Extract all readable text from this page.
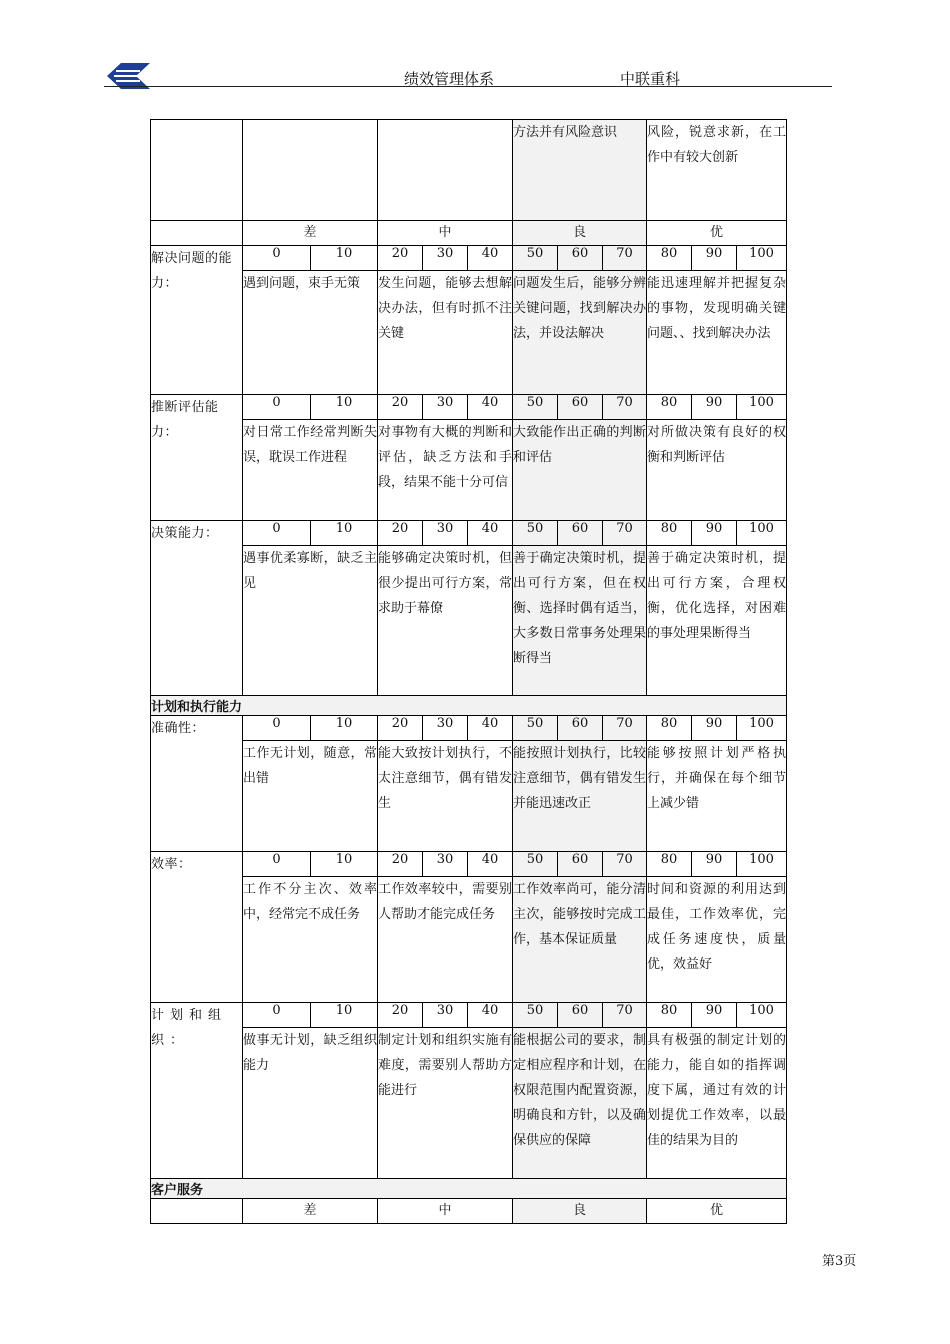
绩效管理体系	中联重科
						方法并有风险意识			风险，锐意求新，在工作中有较大创新		
	差		中			良			优		
解决问题的能力：	0	10	20	30	40	50	60	70	80	90	100
	遇到问题，束手无策		发生问题，能够去想解决办法，但有时抓不注关键			问题发生后，能够分辨关键问题，找到解决办法，并设法解决			能迅速理解并把握复杂的事物，发现明确关键问题、、找到解决办法		
推断评估能力：	0	10	20	30	40	50	60	70	80	90	100
	对日常工作经常判断失误，耽误工作进程		对事物有大概的判断和评估，缺乏方法和手段，结果不能十分可信			大致能作出正确的判断和评估			对所做决策有良好的权衡和判断评估		
决策能力：	0	10	20	30	40	50	60	70	80	90	100
	遇事优柔寡断，缺乏主见		能够确定决策时机，但很少提出可行方案，常求助于幕僚			善于确定决策时机，提出可行方案，但在权衡、选择时偶有适当，大多数日常事务处理果断得当			善于确定决策时机，提出可行方案，合理权衡，优化选择，对困难的事处理果断得当		
计划和执行能力											
准确性：	0	10	20	30	40	50	60	70	80	90	100
	工作无计划，随意，常出错		能大致按计划执行，不太注意细节，偶有错发生			能按照计划执行，比较注意细节，偶有错发生并能迅速改正			能够按照计划严格执行，并确保在每个细节上减少错		
效率：	0	10	20	30	40	50	60	70	80	90	100
	工作不分主次、效率中，经常完不成任务		工作效率较中，需要别人帮助才能完成任务			工作效率尚可，能分清主次，能够按时完成工作，基本保证质量			时间和资源的利用达到最佳，工作效率优，完成任务速度快，质量优，效益好		
计划和组织：	0	10	20	30	40	50	60	70	80	90	100
	做事无计划，缺乏组织能力		制定计划和组织实施有难度，需要别人帮助方能进行			能根据公司的要求，制定相应程序和计划，在权限范围内配置资源，明确良和方针，以及确保供应的保障			具有极强的制定计划的能力，能自如的指挥调度下属，通过有效的计划提优工作效率，以最佳的结果为目的		
客户服务											
	差		中			良			优		
第3页
